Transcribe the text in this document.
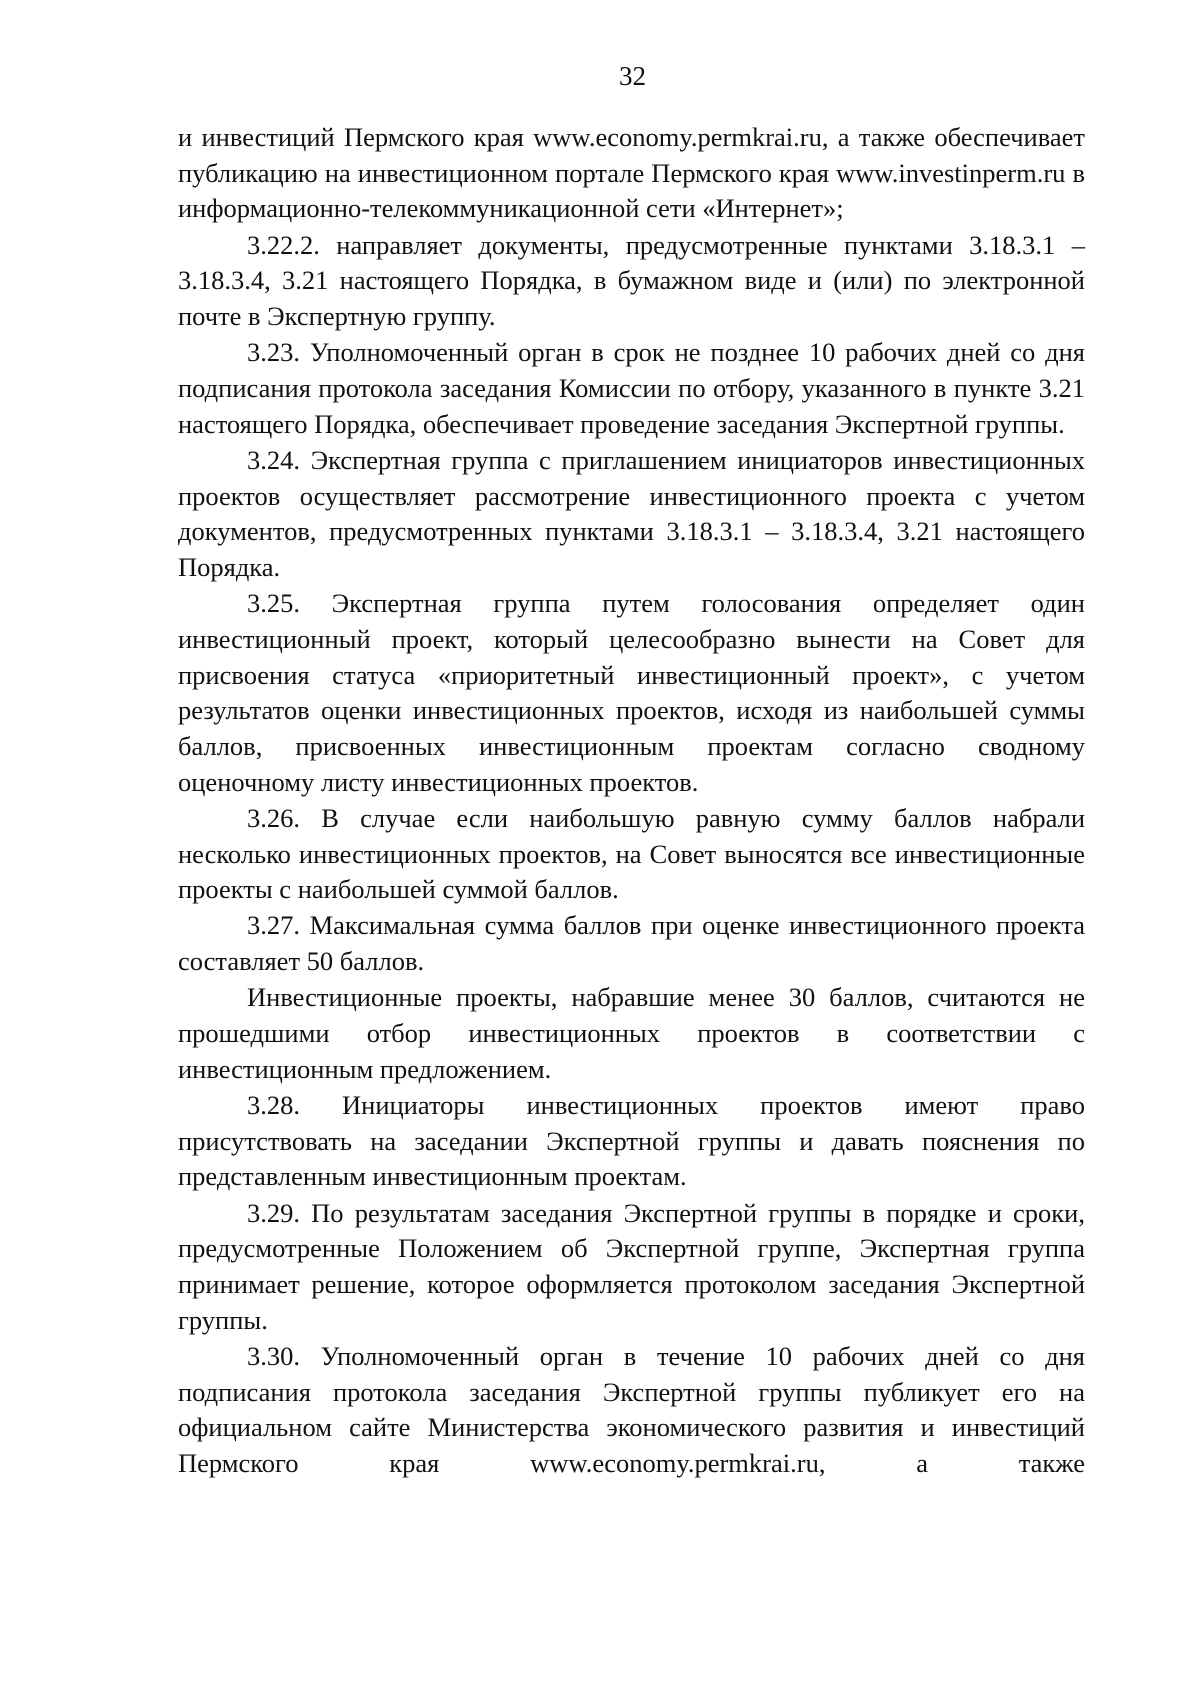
32

и инвестиций Пермского края www.economy.permkrai.ru, а также обеспечивает публикацию на инвестиционном портале Пермского края www.investinperm.ru в информационно-телекоммуникационной сети «Интернет»;

3.22.2. направляет документы, предусмотренные пунктами 3.18.3.1 – 3.18.3.4, 3.21 настоящего Порядка, в бумажном виде и (или) по электронной почте в Экспертную группу.

3.23. Уполномоченный орган в срок не позднее 10 рабочих дней со дня подписания протокола заседания Комиссии по отбору, указанного в пункте 3.21 настоящего Порядка, обеспечивает проведение заседания Экспертной группы.

3.24. Экспертная группа с приглашением инициаторов инвестиционных проектов осуществляет рассмотрение инвестиционного проекта с учетом документов, предусмотренных пунктами 3.18.3.1 – 3.18.3.4, 3.21 настоящего Порядка.

3.25. Экспертная группа путем голосования определяет один инвестиционный проект, который целесообразно вынести на Совет для присвоения статуса «приоритетный инвестиционный проект», с учетом результатов оценки инвестиционных проектов, исходя из наибольшей суммы баллов, присвоенных инвестиционным проектам согласно сводному оценочному листу инвестиционных проектов.

3.26. В случае если наибольшую равную сумму баллов набрали несколько инвестиционных проектов, на Совет выносятся все инвестиционные проекты с наибольшей суммой баллов.

3.27. Максимальная сумма баллов при оценке инвестиционного проекта составляет 50 баллов.

Инвестиционные проекты, набравшие менее 30 баллов, считаются не прошедшими отбор инвестиционных проектов в соответствии с инвестиционным предложением.

3.28. Инициаторы инвестиционных проектов имеют право присутствовать на заседании Экспертной группы и давать пояснения по представленным инвестиционным проектам.

3.29. По результатам заседания Экспертной группы в порядке и сроки, предусмотренные Положением об Экспертной группе, Экспертная группа принимает решение, которое оформляется протоколом заседания Экспертной группы.

3.30. Уполномоченный орган в течение 10 рабочих дней со дня подписания протокола заседания Экспертной группы публикует его на официальном сайте Министерства экономического развития и инвестиций Пермского края www.economy.permkrai.ru, а также
